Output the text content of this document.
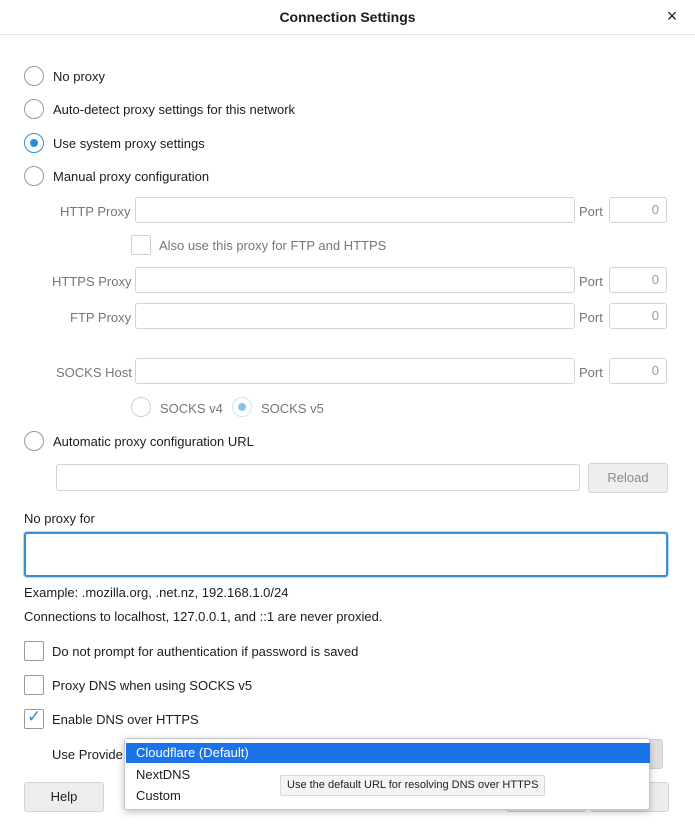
Connection Settings	×
No proxy
Auto-detect proxy settings for this network
Use system proxy settings
Manual proxy configuration
HTTP Proxy	Port	0
Also use this proxy for FTP and HTTPS
HTTPS Proxy	Port	0
FTP Proxy	Port	0
SOCKS Host	Port	0
SOCKS v4	SOCKS v5
Automatic proxy configuration URL
Reload
No proxy for
Example: .mozilla.org, .net.nz, 192.168.1.0/24
Connections to localhost, 127.0.0.1, and ::1 are never proxied.
Do not prompt for authentication if password is saved
Proxy DNS when using SOCKS v5
✓ Enable DNS over HTTPS
Use Provide
Help
Cloudflare (Default)
NextDNS
Custom
Use the default URL for resolving DNS over HTTPS
